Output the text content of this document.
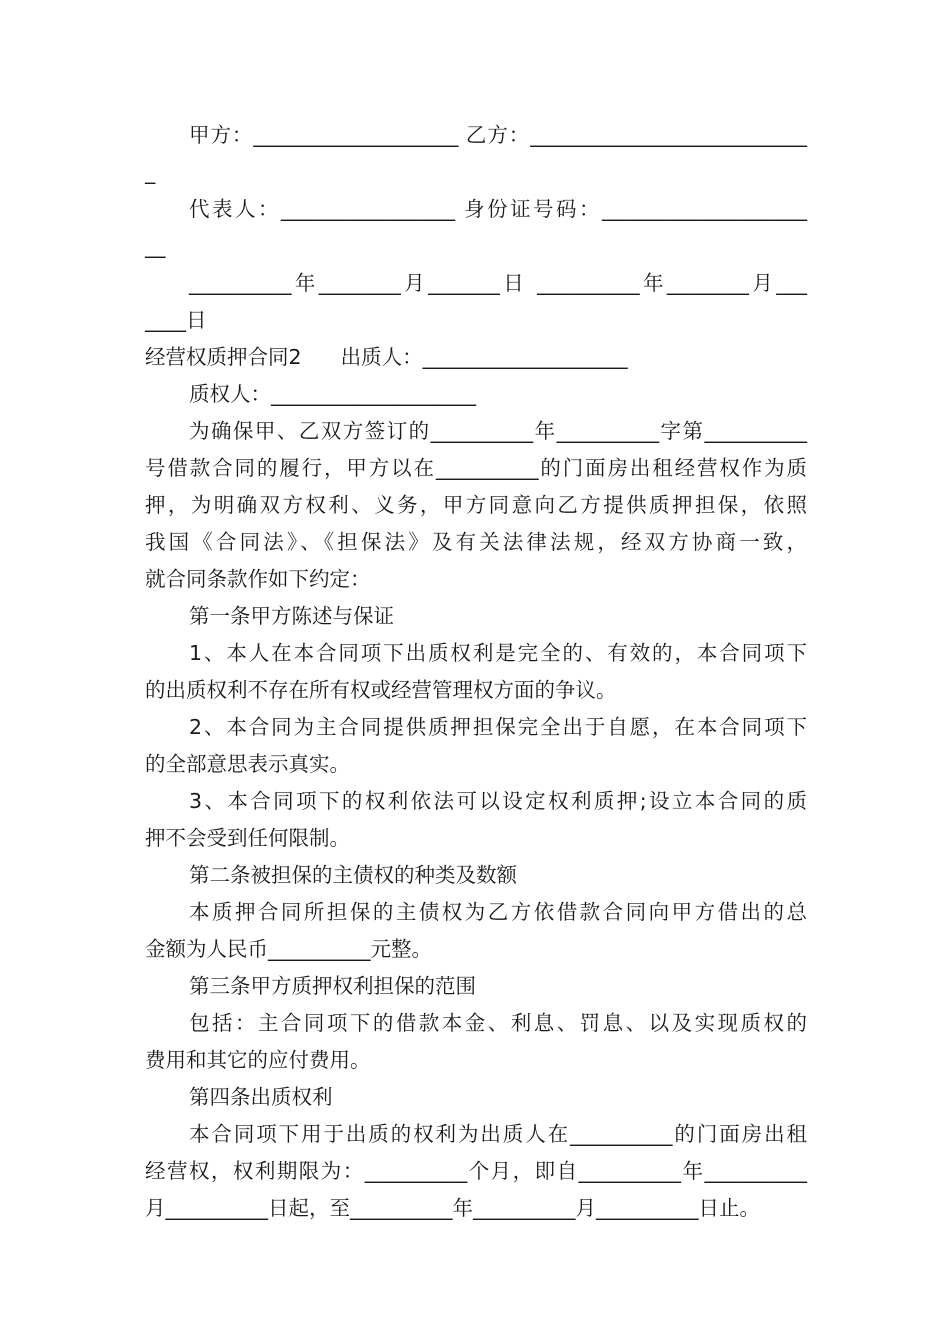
甲方：____________________ 乙方：___________________________
_
代表人：_________________ 身份证号码：____________________
__
__________年________月_______日 __________年________月___
____日
经营权质押合同2      出质人：____________________
质权人：____________________
为确保甲、乙双方签订的__________年__________字第__________
号借款合同的履行，甲方以在__________的门面房出租经营权作为质
押，为明确双方权利、义务，甲方同意向乙方提供质押担保，依照
我国《合同法》、《担保法》及有关法律法规，经双方协商一致，
就合同条款作如下约定：
第一条甲方陈述与保证
1、本人在本合同项下出质权利是完全的、有效的，本合同项下
的出质权利不存在所有权或经营管理权方面的争议。
2、本合同为主合同提供质押担保完全出于自愿，在本合同项下
的全部意思表示真实。
3、本合同项下的权利依法可以设定权利质押;设立本合同的质
押不会受到任何限制。
第二条被担保的主债权的种类及数额
本质押合同所担保的主债权为乙方依借款合同向甲方借出的总
金额为人民币__________元整。
第三条甲方质押权利担保的范围
包括：主合同项下的借款本金、利息、罚息、以及实现质权的
费用和其它的应付费用。
第四条出质权利
本合同项下用于出质的权利为出质人在__________的门面房出租
经营权，权利期限为：__________个月，即自__________年__________
月__________日起，至__________年__________月__________日止。
